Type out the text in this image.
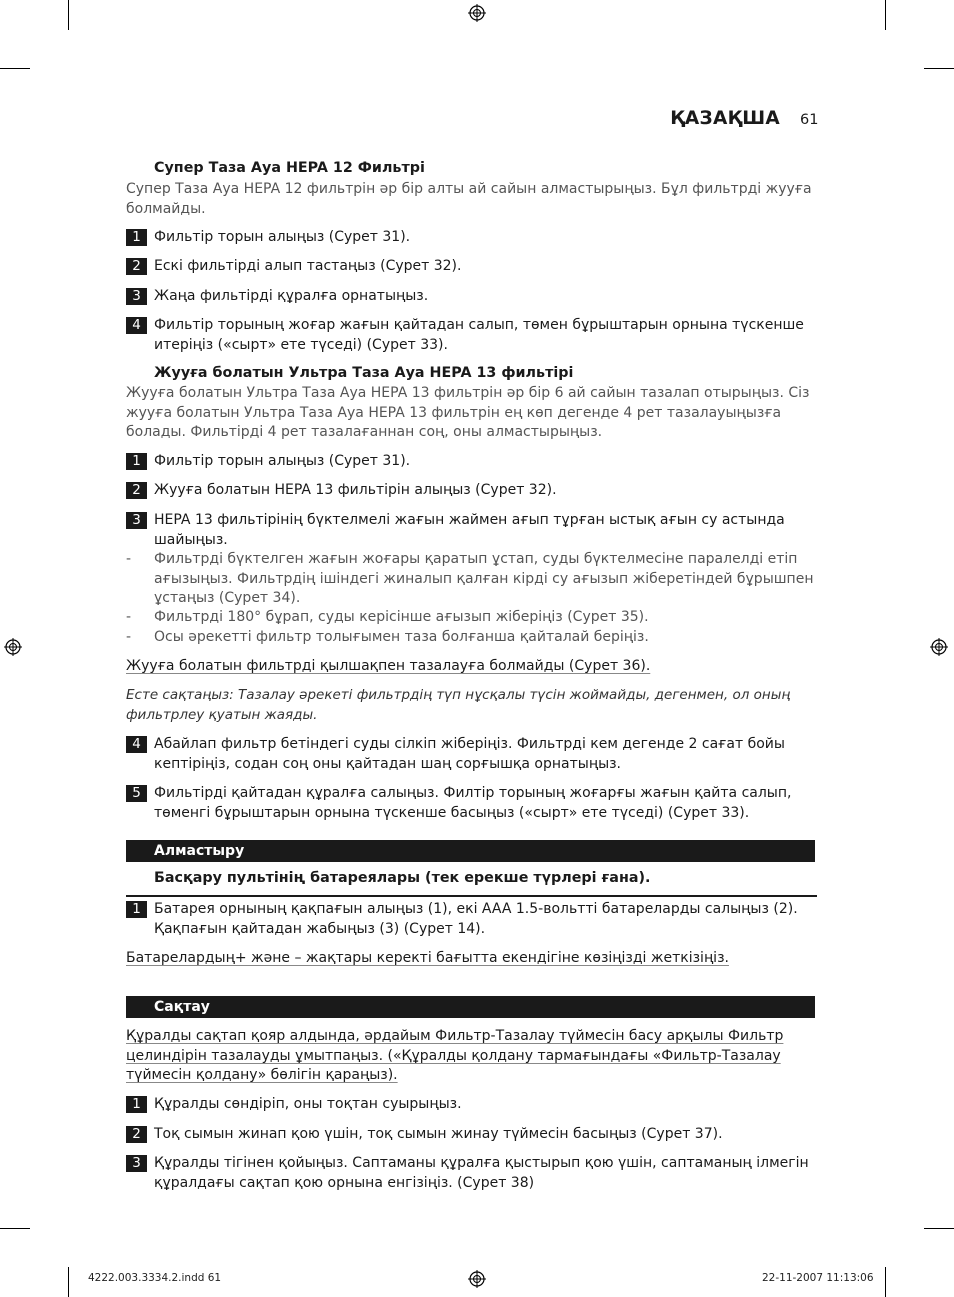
ҚАЗАҚША 61
Супер Таза Ауа HEPA 12 Фильтрі
Супер Таза Ауа HEPA 12 фильтрін әр бір алты ай сайын алмастырыңыз. Бұл фильтрді жууға болмайды.
1 Фильтір торын алыңыз (Сурет 31).
2 Ескі фильтірді алып тастаңыз (Сурет 32).
3 Жаңа фильтірді құралға орнатыңыз.
4 Фильтір торының жоғар жағын қайтадан салып, төмен бұрыштарын орнына түскенше итеріңіз («сырт» ете түседі) (Сурет 33).
Жууға болатын Ультра Таза Ауа HEPA 13 фильтірі
Жууға болатын Ультра Таза Ауа HEPA 13 фильтрін әр бір 6 ай сайын тазалап отырыңыз. Сіз жууға болатын Ультра Таза Ауа HEPA 13 фильтрін ең көп дегенде 4 рет тазалауыңызға болады. Фильтірді 4 рет тазалағаннан соң, оны алмастырыңыз.
1 Фильтір торын алыңыз (Сурет 31).
2 Жууға болатын HEPA 13 фильтірін алыңыз (Сурет 32).
3 HEPA 13 фильтірінің бүктелмелі жағын жаймен ағып тұрған ыстық ағын су астында шайыңыз.
- Фильтрді бүктелген жағын жоғары қаратып ұстап, суды бүктелмесіне паралелді етіп ағызыңыз. Фильтрдің ішіндегі жиналып қалған кірді су ағызып жіберетіндей бұрышпен ұстаңыз (Сурет 34).
- Фильтрді 180° бұрап, суды керісінше ағызып жіберіңіз (Сурет 35).
- Осы әрекетті фильтр толығымен таза болғанша қайталай беріңіз.
Жууға болатын фильтрді қылшақпен тазалауға болмайды (Сурет 36).
Есте сақтаңыз: Тазалау әрекеті фильтрдің түп нұсқалы түсін жоймайды, дегенмен, ол оның фильтрлеу қуатын жаяды.
4 Абайлап фильтр бетіндегі суды сілкіп жіберіңіз. Фильтрді кем дегенде 2 сағат бойы кептіріңіз, содан соң оны қайтадан шаң сорғышқа орнатыңыз.
5 Фильтірді қайтадан құралға салыңыз. Филтір торының жоғарғы жағын қайта салып, төменгі бұрыштарын орнына түскенше басыңыз («сырт» ете түседі) (Сурет 33).
Алмастыру
Басқару пультінің батареялары (тек ерекше түрлері ғана).
1 Батарея орнының қақпағын алыңыз (1), екі AAA 1.5-вольтті батареларды салыңыз (2). Қақпағын қайтадан жабыңыз (3) (Сурет 14).
Батарелардың+ және – жақтары керекті бағытта екендігіне көзіңізді жеткізіңіз.
Сақтау
Құралды сақтап қояр алдында, әрдайым Фильтр-Тазалау түймесін басу арқылы Фильтр целиндірін тазалауды ұмытпаңыз. («Құралды қолдану тармағындағы «Фильтр-Тазалау түймесін қолдану» бөлігін қараңыз).
1 Құралды сөндіріп, оны тоқтан суырыңыз.
2 Тоқ сымын жинап қою үшін, тоқ сымын жинау түймесін басыңыз (Сурет 37).
3 Құралды тігінен қойыңыз. Саптаманы құралға қыстырып қою үшін, саптаманың ілмегін құралдағы сақтап қою орнына енгізіңіз. (Сурет 38)
4222.003.3334.2.indd 61	22-11-2007 11:13:06
